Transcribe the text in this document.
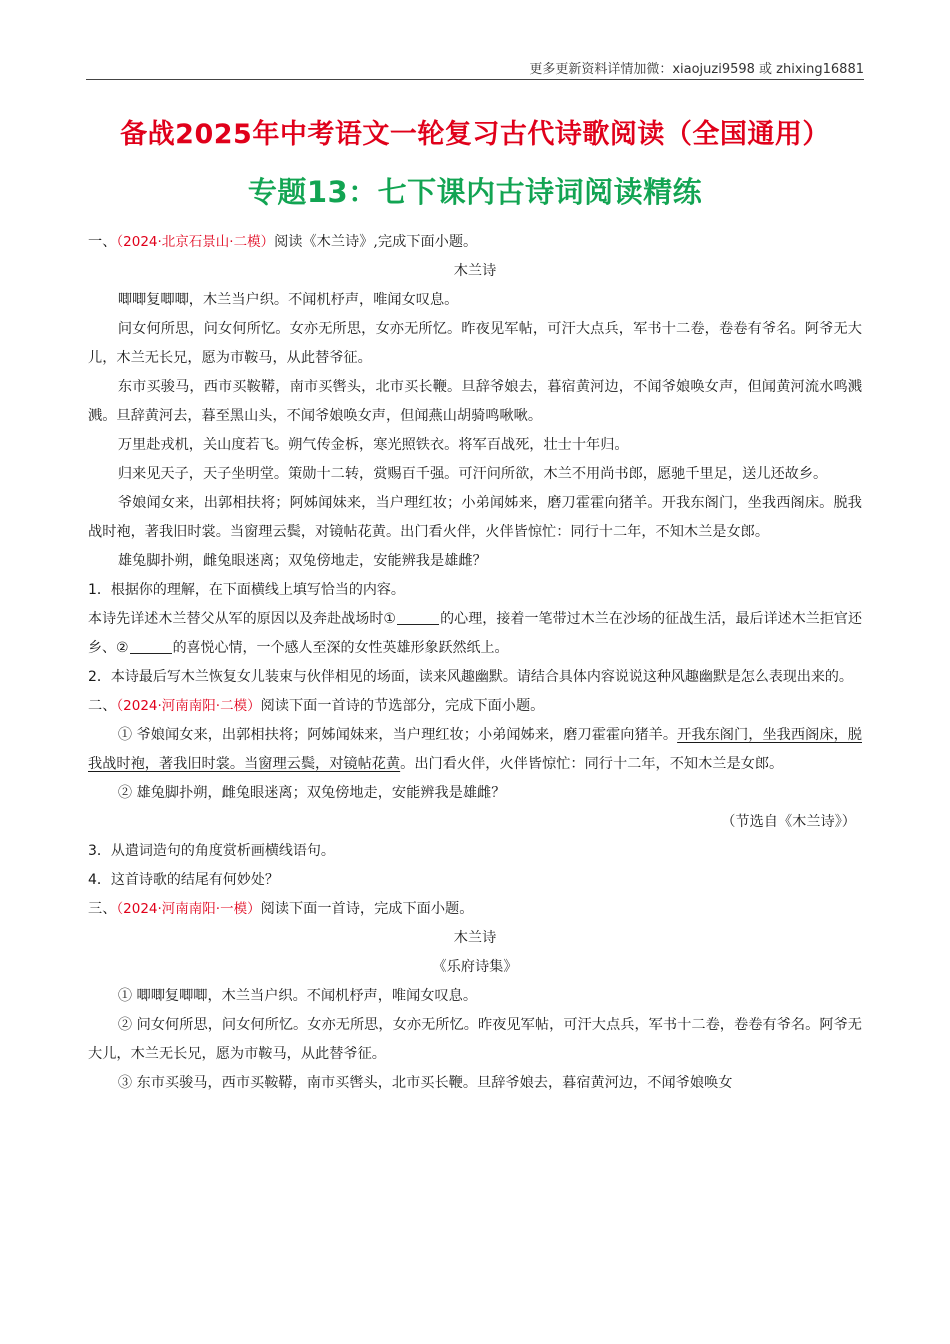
更多更新资料详情加微：xiaojuzi9598 或 zhixing16881
备战2025年中考语文一轮复习古代诗歌阅读（全国通用）
专题13：七下课内古诗词阅读精练

一、（2024·北京石景山·二模）阅读《木兰诗》,完成下面小题。

木兰诗

唧唧复唧唧，木兰当户织。不闻机杼声，唯闻女叹息。

问女何所思，问女何所忆。女亦无所思，女亦无所忆。昨夜见军帖，可汗大点兵，军书十二卷，卷卷有爷名。阿爷无大儿，木兰无长兄，愿为市鞍马，从此替爷征。

东市买骏马，西市买鞍鞯，南市买辔头，北市买长鞭。旦辞爷娘去，暮宿黄河边，不闻爷娘唤女声，但闻黄河流水鸣溅溅。旦辞黄河去，暮至黑山头，不闻爷娘唤女声，但闻燕山胡骑鸣啾啾。

万里赴戎机，关山度若飞。朔气传金柝，寒光照铁衣。将军百战死，壮士十年归。

归来见天子，天子坐明堂。策勋十二转，赏赐百千强。可汗问所欲，木兰不用尚书郎，愿驰千里足，送儿还故乡。

爷娘闻女来，出郭相扶将；阿姊闻妹来，当户理红妆；小弟闻姊来，磨刀霍霍向猪羊。开我东阁门，坐我西阁床。脱我战时袍，著我旧时裳。当窗理云鬓，对镜帖花黄。出门看火伴，火伴皆惊忙：同行十二年，不知木兰是女郎。

雄兔脚扑朔，雌兔眼迷离；双兔傍地走，安能辨我是雄雌？

1．根据你的理解，在下面横线上填写恰当的内容。

本诗先详述木兰替父从军的原因以及奔赴战场时①	的心理，接着一笔带过木兰在沙场的征战生活，最后详述木兰拒官还乡、②	的喜悦心情，一个感人至深的女性英雄形象跃然纸上。

2．本诗最后写木兰恢复女儿装束与伙伴相见的场面，读来风趣幽默。请结合具体内容说说这种风趣幽默是怎么表现出来的。

二、（2024·河南南阳·二模）阅读下面一首诗的节选部分，完成下面小题。

① 爷娘闻女来，出郭相扶将；阿姊闻妹来，当户理红妆；小弟闻姊来，磨刀霍霍向猪羊。开我东阁门，坐我西阁床，脱我战时袍，著我旧时裳。当窗理云鬓，对镜帖花黄。出门看火伴，火伴皆惊忙：同行十二年，不知木兰是女郎。

② 雄兔脚扑朔，雌兔眼迷离；双兔傍地走，安能辨我是雄雌？

（节选自《木兰诗》）

3．从遣词造句的角度赏析画横线语句。

4．这首诗歌的结尾有何妙处？

三、（2024·河南南阳·一模）阅读下面一首诗，完成下面小题。

木兰诗

《乐府诗集》

① 唧唧复唧唧，木兰当户织。不闻机杼声，唯闻女叹息。

② 问女何所思，问女何所忆。女亦无所思，女亦无所忆。昨夜见军帖，可汗大点兵，军书十二卷，卷卷有爷名。阿爷无大儿，木兰无长兄，愿为市鞍马，从此替爷征。

③ 东市买骏马，西市买鞍鞯，南市买辔头，北市买长鞭。旦辞爷娘去，暮宿黄河边，不闻爷娘唤女
